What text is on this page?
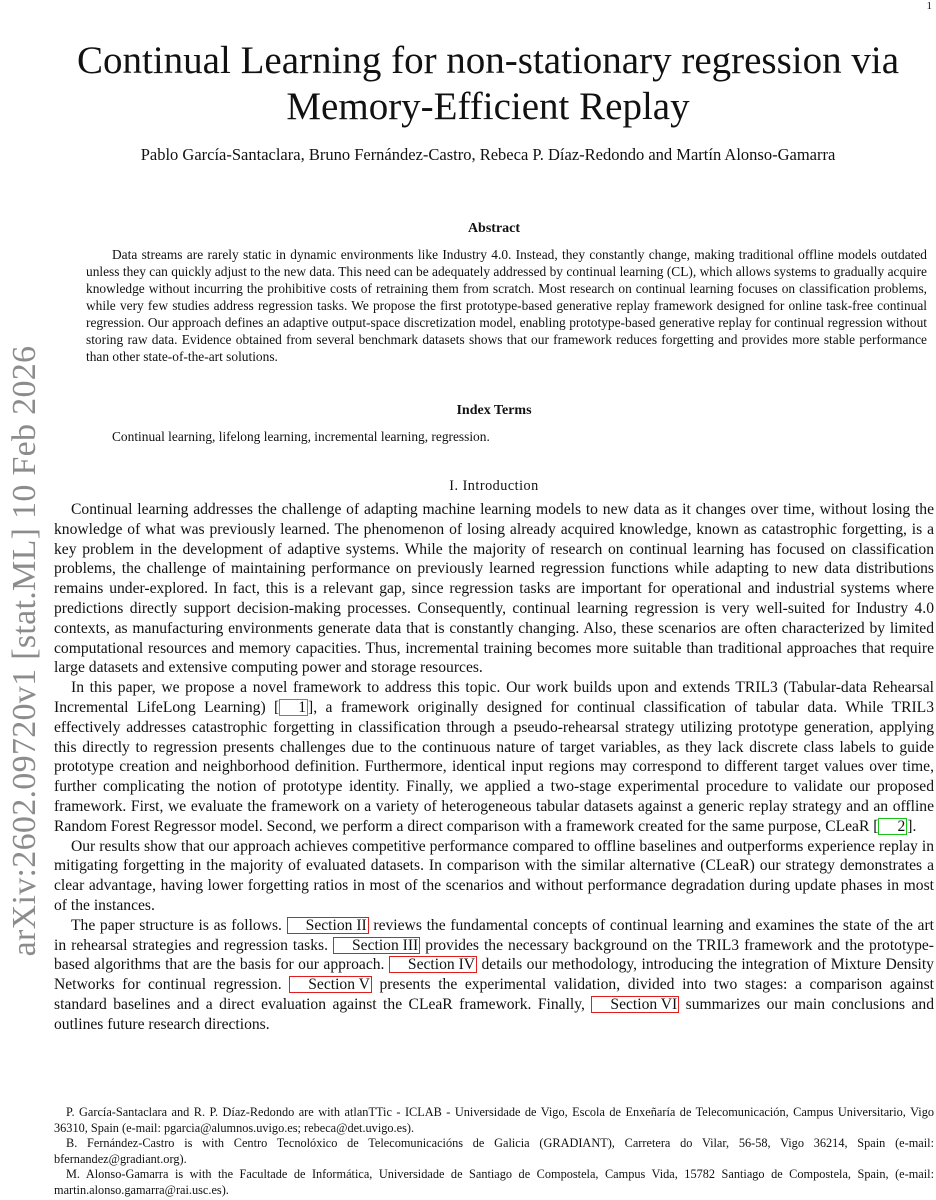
1
arXiv:2602.09720v1 [stat.ML] 10 Feb 2026
Continual Learning for non-stationary regression via Memory-Efficient Replay
Pablo García-Santaclara, Bruno Fernández-Castro, Rebeca P. Díaz-Redondo and Martín Alonso-Gamarra
Abstract

Data streams are rarely static in dynamic environments like Industry 4.0. Instead, they constantly change, making traditional offline models outdated unless they can quickly adjust to the new data. This need can be adequately addressed by continual learning (CL), which allows systems to gradually acquire knowledge without incurring the prohibitive costs of retraining them from scratch. Most research on continual learning focuses on classification problems, while very few studies address regression tasks. We propose the first prototype-based generative replay framework designed for online task-free continual regression. Our approach defines an adaptive output-space discretization model, enabling prototype-based generative replay for continual regression without storing raw data. Evidence obtained from several benchmark datasets shows that our framework reduces forgetting and provides more stable performance than other state-of-the-art solutions.

Index Terms
Continual learning, lifelong learning, incremental learning, regression.
I. Introduction

Continual learning addresses the challenge of adapting machine learning models to new data as it changes over time, without losing the knowledge of what was previously learned. The phenomenon of losing already acquired knowledge, known as catastrophic forgetting, is a key problem in the development of adaptive systems. While the majority of research on continual learning has focused on classification problems, the challenge of maintaining performance on previously learned regression functions while adapting to new data distributions remains under-explored. In fact, this is a relevant gap, since regression tasks are important for operational and industrial systems where predictions directly support decision-making processes. Consequently, continual learning regression is very well-suited for Industry 4.0 contexts, as manufacturing environments generate data that is constantly changing. Also, these scenarios are often characterized by limited computational resources and memory capacities. Thus, incremental training becomes more suitable than traditional approaches that require large datasets and extensive computing power and storage resources.

In this paper, we propose a novel framework to address this topic. Our work builds upon and extends TRIL3 (Tabular-data Rehearsal Incremental LifeLong Learning) [ 1 ], a framework originally designed for continual classification of tabular data. While TRIL3 effectively addresses catastrophic forgetting in classification through a pseudo-rehearsal strategy utilizing prototype generation, applying this directly to regression presents challenges due to the continuous nature of target variables, as they lack discrete class labels to guide prototype creation and neighborhood definition. Furthermore, identical input regions may correspond to different target values over time, further complicating the notion of prototype identity. Finally, we applied a two-stage experimental procedure to validate our proposed framework. First, we evaluate the framework on a variety of heterogeneous tabular datasets against a generic replay strategy and an offline Random Forest Regressor model. Second, we perform a direct comparison with a framework created for the same purpose, CLeaR [ 2 ].

Our results show that our approach achieves competitive performance compared to offline baselines and outperforms experience replay in mitigating forgetting in the majority of evaluated datasets. In comparison with the similar alternative (CLeaR) our strategy demonstrates a clear advantage, having lower forgetting ratios in most of the scenarios and without performance degradation during update phases in most of the instances.

The paper structure is as follows. Section II reviews the fundamental concepts of continual learning and examines the state of the art in rehearsal strategies and regression tasks. Section III provides the necessary background on the TRIL3 framework and the prototype-based algorithms that are the basis for our approach. Section IV details our methodology, introducing the integration of Mixture Density Networks for continual regression. Section V presents the experimental validation, divided into two stages: a comparison against standard baselines and a direct evaluation against the CLeaR framework. Finally, Section VI summarizes our main conclusions and outlines future research directions.

P. García-Santaclara and R. P. Díaz-Redondo are with atlanTTic - ICLAB - Universidade de Vigo, Escola de Enxeñaría de Telecomunicación, Campus Universitario, Vigo 36310, Spain (e-mail: pgarcia@alumnos.uvigo.es; rebeca@det.uvigo.es).

B. Fernández-Castro is with Centro Tecnolóxico de Telecomunicacións de Galicia (GRADIANT), Carretera do Vilar, 56-58, Vigo 36214, Spain (e-mail: bfernandez@gradiant.org).

M. Alonso-Gamarra is with the Facultade de Informática, Universidade de Santiago de Compostela, Campus Vida, 15782 Santiago de Compostela, Spain, (e-mail: martin.alonso.gamarra@rai.usc.es).
